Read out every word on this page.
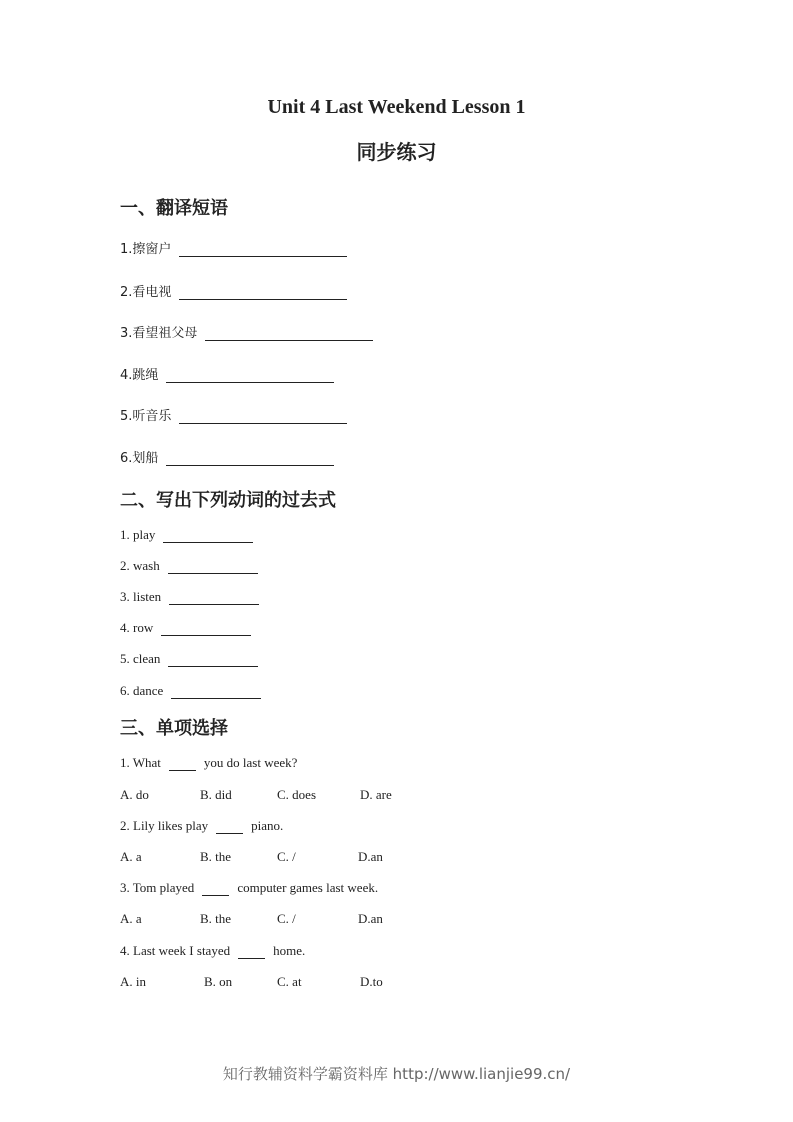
Unit 4 Last Weekend Lesson 1
同步练习
一、翻译短语
1.擦窗户
2.看电视
3.看望祖父母
4.跳绳
5.听音乐
6.划船
二、写出下列动词的过去式
1. play
2. wash
3. listen
4. row
5. clean
6. dance
三、单项选择
1. What	you do last week?
A. do	B. did	C. does	D. are
2. Lily likes play	piano.
A. a	B. the	C. /	D.an
3. Tom played	computer games last week.
A. a	B. the	C. /	D.an
4. Last week I stayed	home.
A. in	B. on	C. at	D.to
知行教辅资料学霸资料库 http://www.lianjie99.cn/
